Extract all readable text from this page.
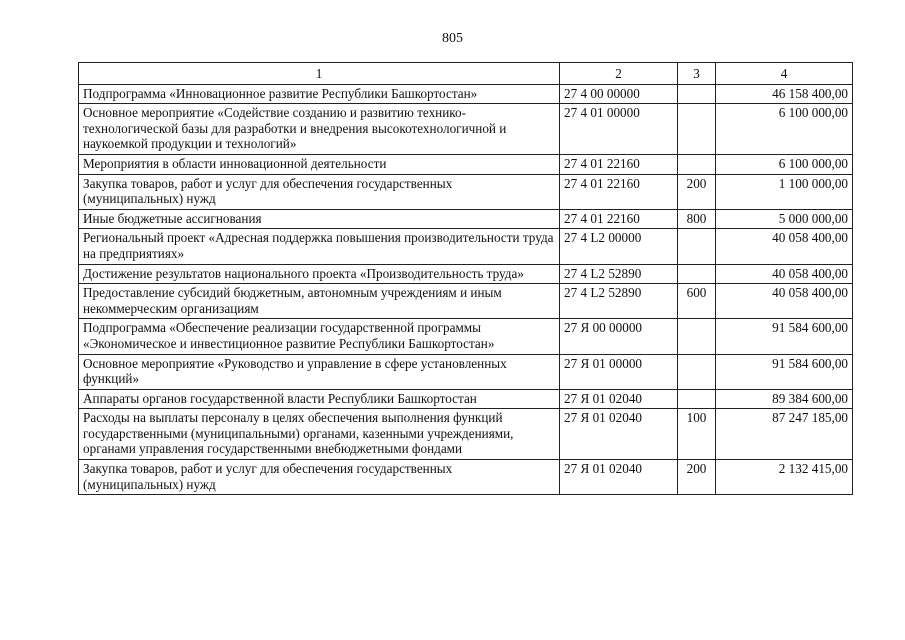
805
1	2	3	4
Подпрограмма «Инновационное развитие Республики Башкортостан»	27 4 00 00000		46 158 400,00
Основное мероприятие «Содействие созданию и развитию технико-технологической базы для разработки и внедрения высокотехнологичной и наукоемкой продукции и технологий»	27 4 01 00000		6 100 000,00
Мероприятия в области инновационной деятельности	27 4 01 22160		6 100 000,00
Закупка товаров, работ и услуг для обеспечения государственных (муниципальных) нужд	27 4 01 22160	200	1 100 000,00
Иные бюджетные ассигнования	27 4 01 22160	800	5 000 000,00
Региональный проект «Адресная поддержка повышения производительности труда на предприятиях»	27 4 L2 00000		40 058 400,00
Достижение результатов национального проекта «Производительность труда»	27 4 L2 52890		40 058 400,00
Предоставление субсидий бюджетным, автономным учреждениям и иным некоммерческим организациям	27 4 L2 52890	600	40 058 400,00
Подпрограмма «Обеспечение реализации государственной программы «Экономическое и инвестиционное развитие Республики Башкортостан»	27 Я 00 00000		91 584 600,00
Основное мероприятие «Руководство и управление в сфере установленных функций»	27 Я 01 00000		91 584 600,00
Аппараты органов государственной власти Республики Башкортостан	27 Я 01 02040		89 384 600,00
Расходы на выплаты персоналу в целях обеспечения выполнения функций государственными (муниципальными) органами, казенными учреждениями, органами управления государственными внебюджетными фондами	27 Я 01 02040	100	87 247 185,00
Закупка товаров, работ и услуг для обеспечения государственных (муниципальных) нужд	27 Я 01 02040	200	2 132 415,00
